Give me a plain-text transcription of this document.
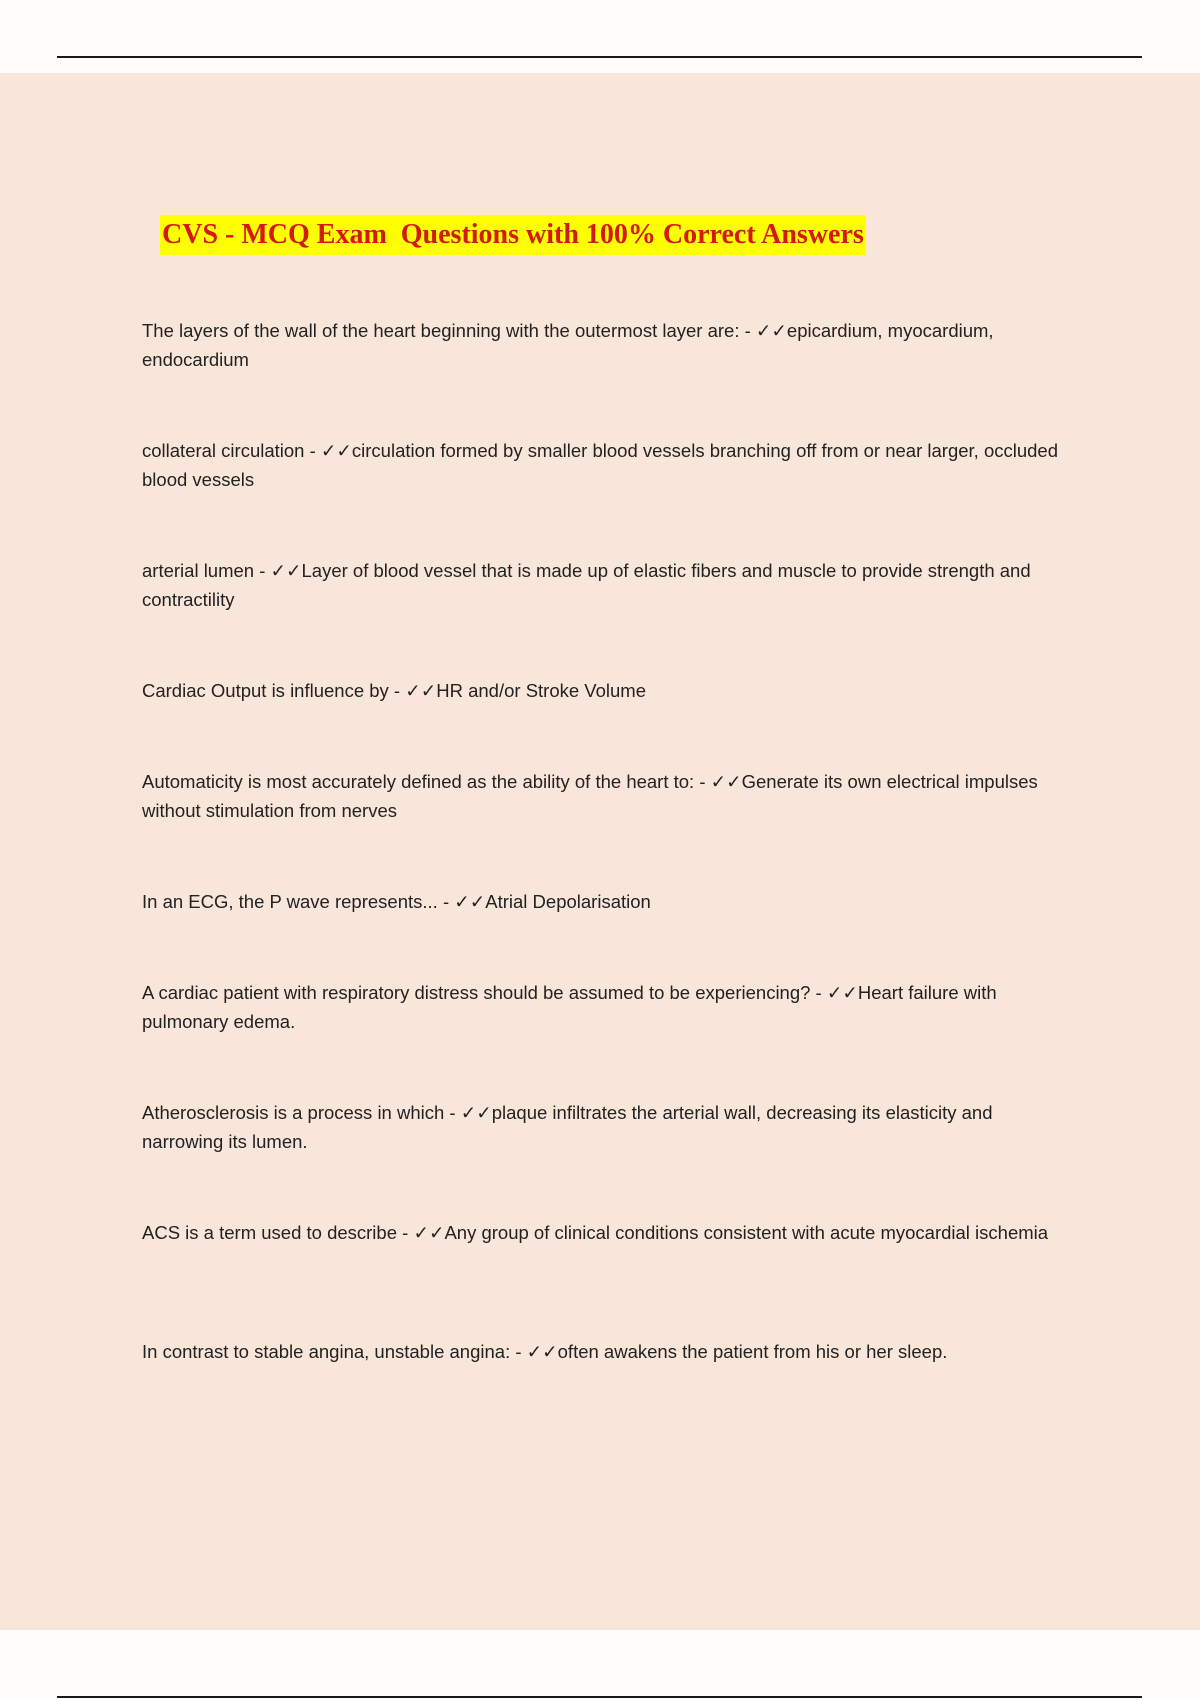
CVS - MCQ Exam  Questions with 100% Correct Answers
The layers of the wall of the heart beginning with the outermost layer are: - ✓✓epicardium, myocardium, endocardium
collateral circulation - ✓✓circulation formed by smaller blood vessels branching off from or near larger, occluded blood vessels
arterial lumen - ✓✓Layer of blood vessel that is made up of elastic fibers and muscle to provide strength and contractility
Cardiac Output is influence by - ✓✓HR and/or Stroke Volume
Automaticity is most accurately defined as the ability of the heart to: - ✓✓Generate its own electrical impulses without stimulation from nerves
In an ECG, the P wave represents... - ✓✓Atrial Depolarisation
A cardiac patient with respiratory distress should be assumed to be experiencing? - ✓✓Heart failure with pulmonary edema.
Atherosclerosis is a process in which - ✓✓plaque infiltrates the arterial wall, decreasing its elasticity and narrowing its lumen.
ACS is a term used to describe - ✓✓Any group of clinical conditions consistent with acute myocardial ischemia
In contrast to stable angina, unstable angina: - ✓✓often awakens the patient from his or her sleep.
